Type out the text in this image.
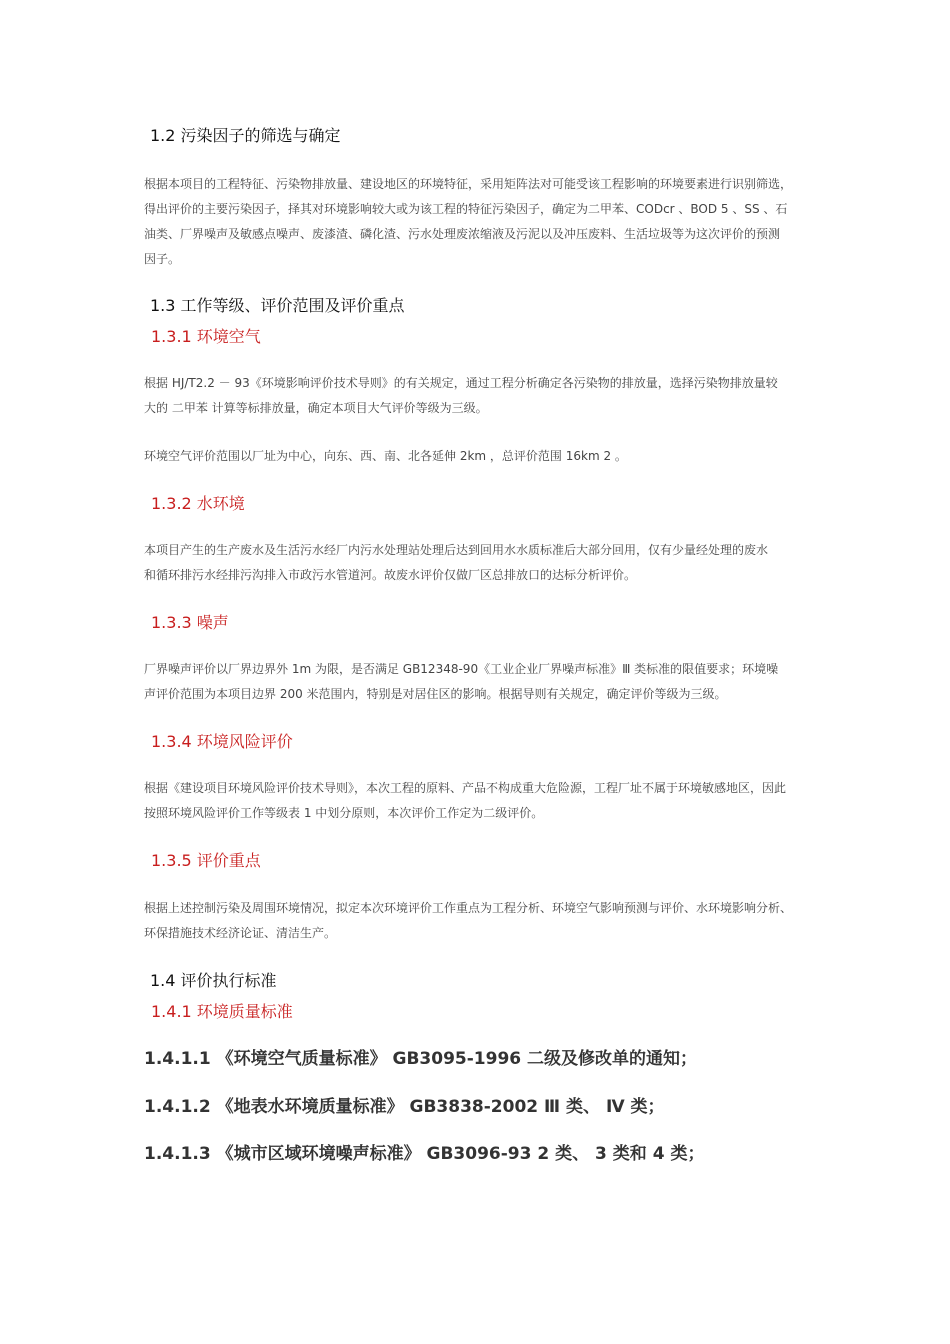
1.2 污染因子的筛选与确定
根据本项目的工程特征、污染物排放量、建设地区的环境特征，采用矩阵法对可能受该工程影响的环境要素进行识别筛选，
得出评价的主要污染因子，择其对环境影响较大或为该工程的特征污染因子，确定为二甲苯、CODcr 、BOD 5 、SS 、石
油类、厂界噪声及敏感点噪声、废漆渣、磷化渣、污水处理废浓缩液及污泥以及冲压废料、生活垃圾等为这次评价的预测
因子。
1.3 工作等级、评价范围及评价重点
1.3.1 环境空气
根据 HJ/T2.2 － 93《环境影响评价技术导则》的有关规定，通过工程分析确定各污染物的排放量，选择污染物排放量较
大的 二甲苯 计算等标排放量，确定本项目大气评价等级为三级。
环境空气评价范围以厂址为中心，向东、西、南、北各延伸 2km ，总评价范围 16km 2 。
1.3.2 水环境
本项目产生的生产废水及生活污水经厂内污水处理站处理后达到回用水水质标准后大部分回用，仅有少量经处理的废水
和循环排污水经排污沟排入市政污水管道河。故废水评价仅做厂区总排放口的达标分析评价。
1.3.3 噪声
厂界噪声评价以厂界边界外 1m 为限，是否满足 GB12348-90《工业企业厂界噪声标准》Ⅲ 类标准的限值要求；环境噪
声评价范围为本项目边界 200 米范围内，特别是对居住区的影响。根据导则有关规定，确定评价等级为三级。
1.3.4 环境风险评价
根据《建设项目环境风险评价技术导则》，本次工程的原料、产品不构成重大危险源，工程厂址不属于环境敏感地区，因此
按照环境风险评价工作等级表 1 中划分原则，本次评价工作定为二级评价。
1.3.5 评价重点
根据上述控制污染及周围环境情况，拟定本次环境评价工作重点为工程分析、环境空气影响预测与评价、水环境影响分析、
环保措施技术经济论证、清洁生产。
1.4 评价执行标准
1.4.1 环境质量标准
1.4.1.1 《环境空气质量标准》 GB3095-1996 二级及修改单的通知；
1.4.1.2 《地表水环境质量标准》 GB3838-2002 Ⅲ 类、 Ⅳ 类；
1.4.1.3 《城市区域环境噪声标准》 GB3096-93 2 类、 3 类和 4 类；
